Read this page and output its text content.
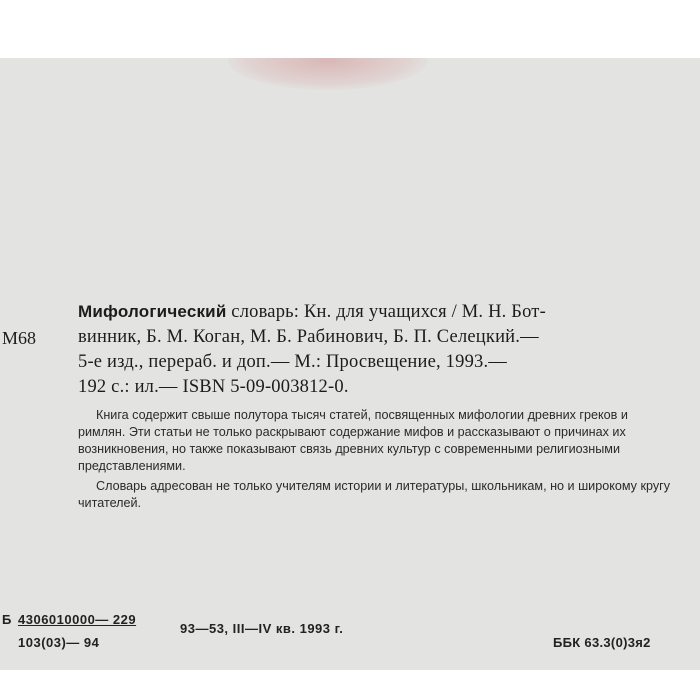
Мифологический словарь: Кн. для учащихся / М. Н. Бот-
винник, Б. М. Коган, М. Б. Рабинович, Б. П. Селецкий.—
5-е изд., перераб. и доп.— М.: Просвещение, 1993.—
192 с.: ил.— ISBN 5-09-003812-0.
М68

Книга содержит свыше полутора тысяч статей, посвященных мифологии древних греков и римлян. Эти статьи не только раскрывают содержание мифов и рассказывают о причинах их возникновения, но также показывают связь древних культур с современными религиозными представлениями.

Словарь адресован не только учителям истории и литературы, школьникам, но и широкому кругу читателей.

Б 4306010000— 229
103(03)— 94
93—53, III—IV кв. 1993 г.
ББК 63.3(0)3я2
